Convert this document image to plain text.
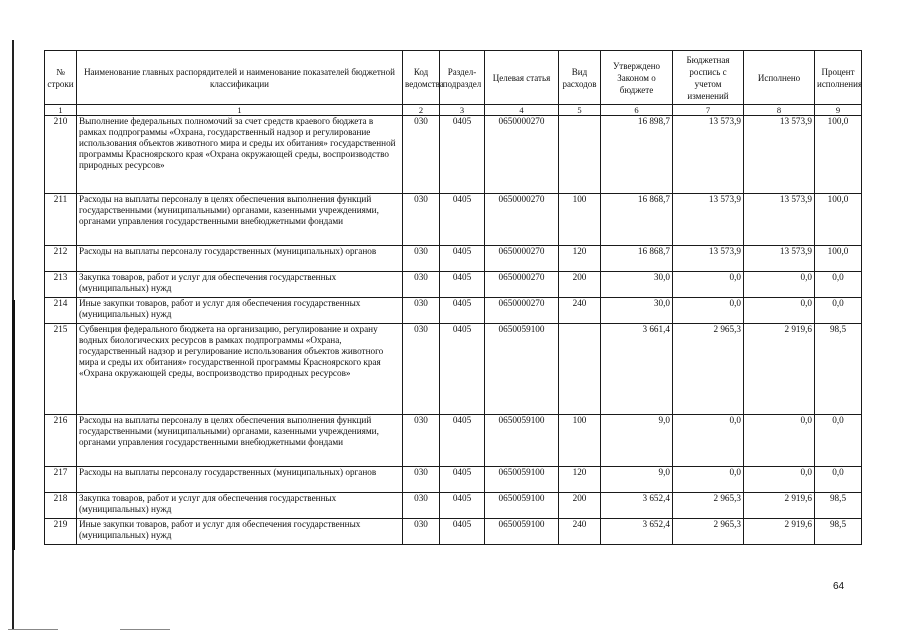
№ строки	Наименование главных распорядителей и наименование показателей бюджетной классификации	Код ведомства	Раздел-подраздел	Целевая статья	Вид расходов	Утверждено Законом о бюджете	Бюджетная роспись с учетом изменений	Исполнено	Процент исполнения
1	1	2	3	4	5	6	7	8	9
210	Выполнение федеральных полномочий за счет средств краевого бюджета в рамках подпрограммы «Охрана, государственный надзор и регулирование использования объектов животного мира и среды их обитания» государственной программы Красноярского края «Охрана окружающей среды, воспроизводство природных ресурсов»	030	0405	0650000270		16 898,7	13 573,9	13 573,9	100,0
211	Расходы на выплаты персоналу в целях обеспечения выполнения функций государственными (муниципальными) органами, казенными учреждениями, органами управления государственными внебюджетными фондами	030	0405	0650000270	100	16 868,7	13 573,9	13 573,9	100,0
212	Расходы на выплаты персоналу государственных (муниципальных) органов	030	0405	0650000270	120	16 868,7	13 573,9	13 573,9	100,0
213	Закупка товаров, работ и услуг для обеспечения государственных (муниципальных) нужд	030	0405	0650000270	200	30,0	0,0	0,0	0,0
214	Иные закупки товаров, работ и услуг для обеспечения государственных (муниципальных) нужд	030	0405	0650000270	240	30,0	0,0	0,0	0,0
215	Субвенция федерального бюджета на организацию, регулирование и охрану водных биологических ресурсов в рамках подпрограммы «Охрана, государственный надзор и регулирование использования объектов животного мира и среды их обитания» государственной программы Красноярского края «Охрана окружающей среды, воспроизводство природных ресурсов»	030	0405	0650059100		3 661,4	2 965,3	2 919,6	98,5
216	Расходы на выплаты персоналу в целях обеспечения выполнения функций государственными (муниципальными) органами, казенными учреждениями, органами управления государственными внебюджетными фондами	030	0405	0650059100	100	9,0	0,0	0,0	0,0
217	Расходы на выплаты персоналу государственных (муниципальных) органов	030	0405	0650059100	120	9,0	0,0	0,0	0,0
218	Закупка товаров, работ и услуг для обеспечения государственных (муниципальных) нужд	030	0405	0650059100	200	3 652,4	2 965,3	2 919,6	98,5
219	Иные закупки товаров, работ и услуг для обеспечения государственных (муниципальных) нужд	030	0405	0650059100	240	3 652,4	2 965,3	2 919,6	98,5
64
